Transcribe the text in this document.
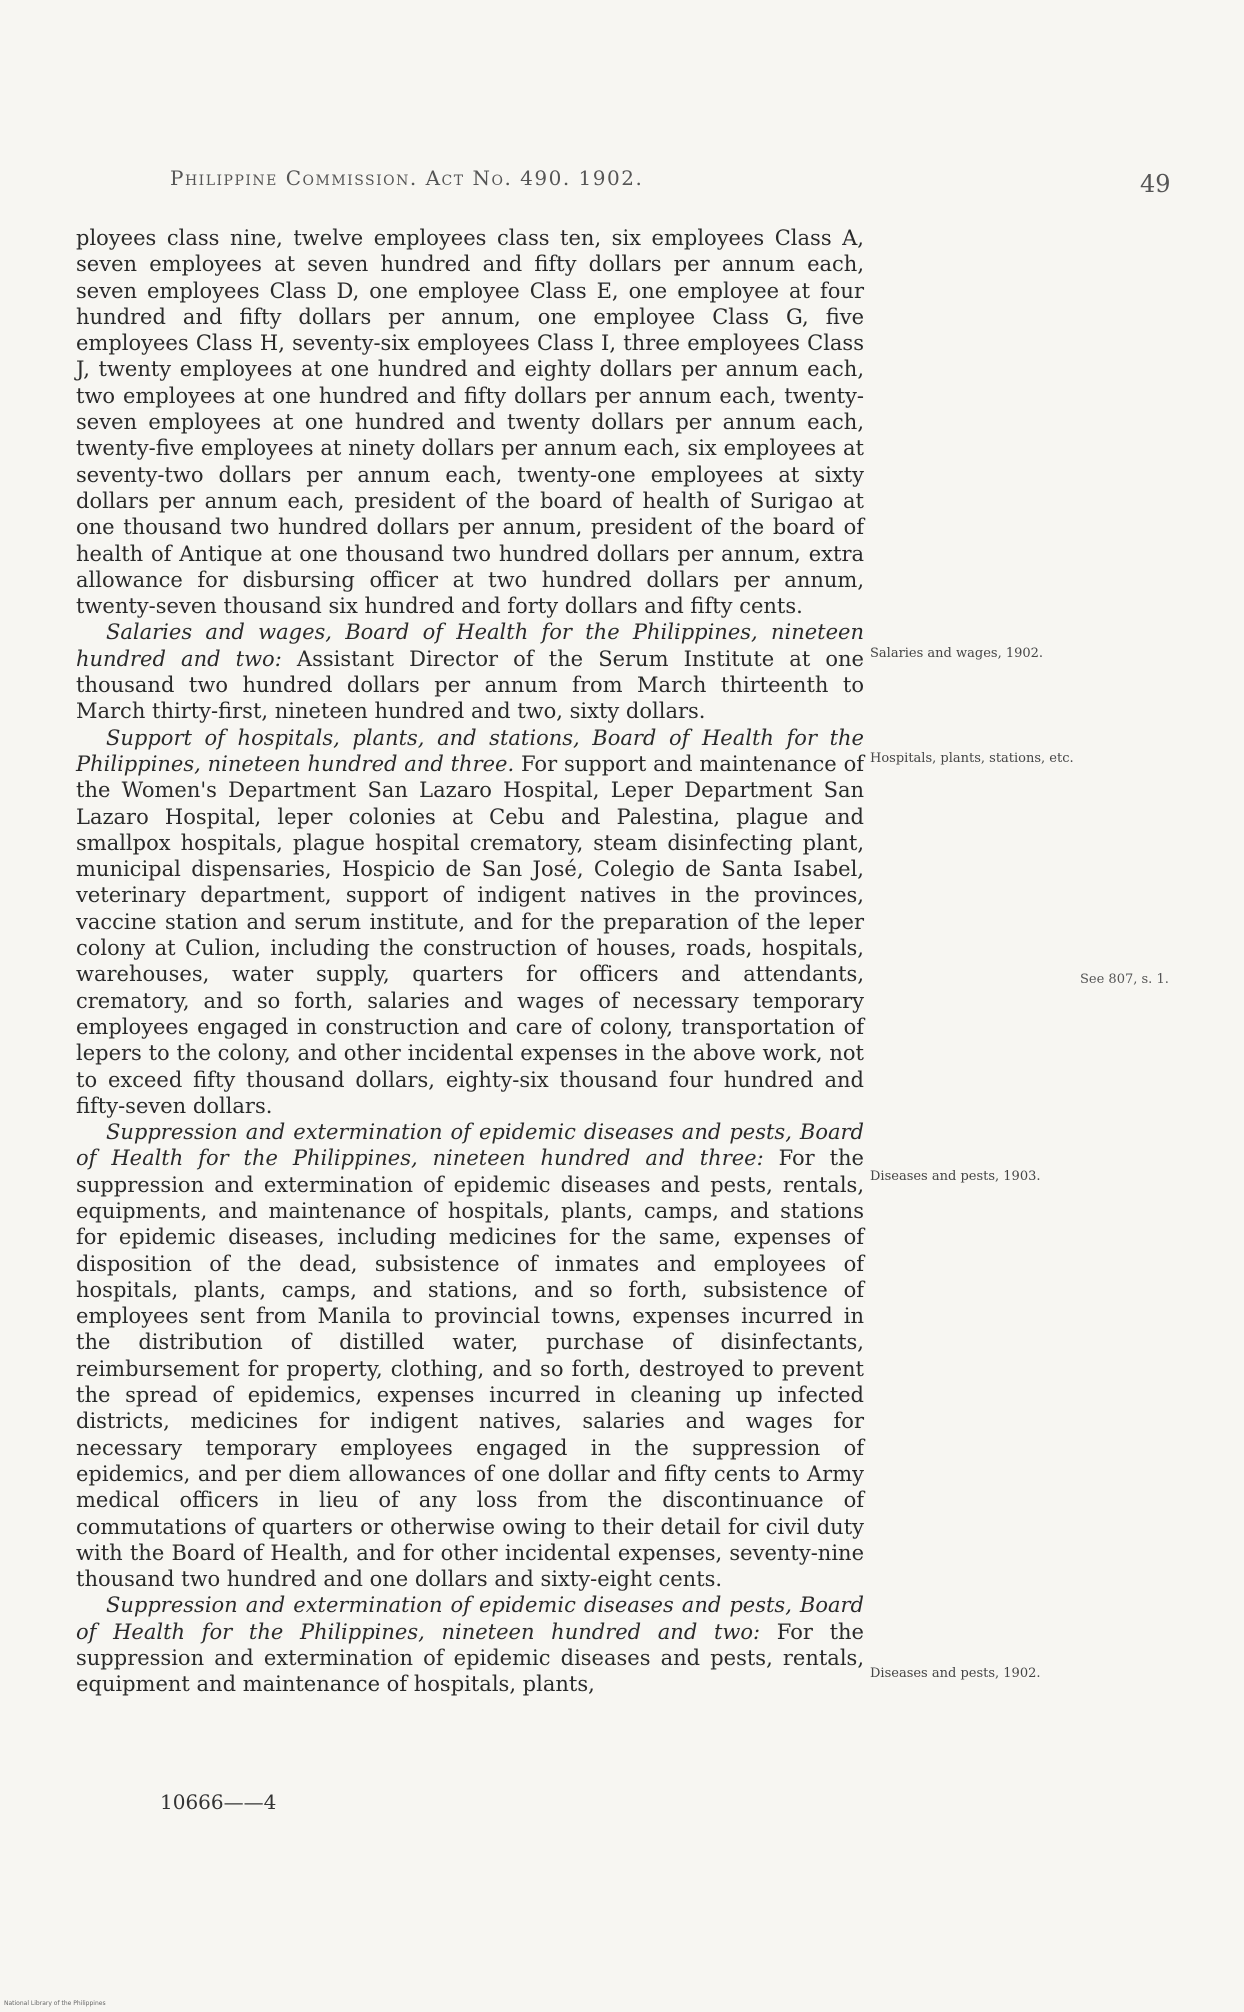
Philippine Commission. Act No. 490. 1902.	49

ployees class nine, twelve employees class ten, six employees Class A, seven employees at seven hundred and fifty dollars per annum each, seven employees Class D, one employee Class E, one employee at four hundred and fifty dollars per annum, one employee Class G, five employees Class H, seventy-six employees Class I, three employees Class J, twenty employees at one hundred and eighty dollars per annum each, two employees at one hundred and fifty dollars per annum each, twenty-seven employees at one hundred and twenty dollars per annum each, twenty-five employees at ninety dollars per annum each, six employees at seventy-two dollars per annum each, twenty-one employees at sixty dollars per annum each, president of the board of health of Surigao at one thousand two hundred dollars per annum, president of the board of health of Antique at one thousand two hundred dollars per annum, extra allowance for disbursing officer at two hundred dollars per annum, twenty-seven thousand six hundred and forty dollars and fifty cents.

Salaries and wages, Board of Health for the Philippines, nineteen hundred and two: Assistant Director of the Serum Institute at one thousand two hundred dollars per annum from March thirteenth to March thirty-first, nineteen hundred and two, sixty dollars.

Support of hospitals, plants, and stations, Board of Health for the Philippines, nineteen hundred and three. For support and maintenance of the Women's Department San Lazaro Hospital, Leper Department San Lazaro Hospital, leper colonies at Cebu and Palestina, plague and smallpox hospitals, plague hospital crematory, steam disinfecting plant, municipal dispensaries, Hospicio de San José, Colegio de Santa Isabel, veterinary department, support of indigent natives in the provinces, vaccine station and serum institute, and for the preparation of the leper colony at Culion, including the construction of houses, roads, hospitals, warehouses, water supply, quarters for officers and attendants, crematory, and so forth, salaries and wages of necessary temporary employees engaged in construction and care of colony, transportation of lepers to the colony, and other incidental expenses in the above work, not to exceed fifty thousand dollars, eighty-six thousand four hundred and fifty-seven dollars.

Suppression and extermination of epidemic diseases and pests, Board of Health for the Philippines, nineteen hundred and three: For the suppression and extermination of epidemic diseases and pests, rentals, equipments, and maintenance of hospitals, plants, camps, and stations for epidemic diseases, including medicines for the same, expenses of disposition of the dead, subsistence of inmates and employees of hospitals, plants, camps, and stations, and so forth, subsistence of employees sent from Manila to provincial towns, expenses incurred in the distribution of distilled water, purchase of disinfectants, reimbursement for property, clothing, and so forth, destroyed to prevent the spread of epidemics, expenses incurred in cleaning up infected districts, medicines for indigent natives, salaries and wages for necessary temporary employees engaged in the suppression of epidemics, and per diem allowances of one dollar and fifty cents to Army medical officers in lieu of any loss from the discontinuance of commutations of quarters or otherwise owing to their detail for civil duty with the Board of Health, and for other incidental expenses, seventy-nine thousand two hundred and one dollars and sixty-eight cents.

Suppression and extermination of epidemic diseases and pests, Board of Health for the Philippines, nineteen hundred and two: For the suppression and extermination of epidemic diseases and pests, rentals, equipment and maintenance of hospitals, plants,

Salaries and wages, 1902.
Hospitals, plants, stations, etc.
See 807, s. 1.
Diseases and pests, 1903.
Diseases and pests, 1902.
10666——4
National Library of the Philippines
